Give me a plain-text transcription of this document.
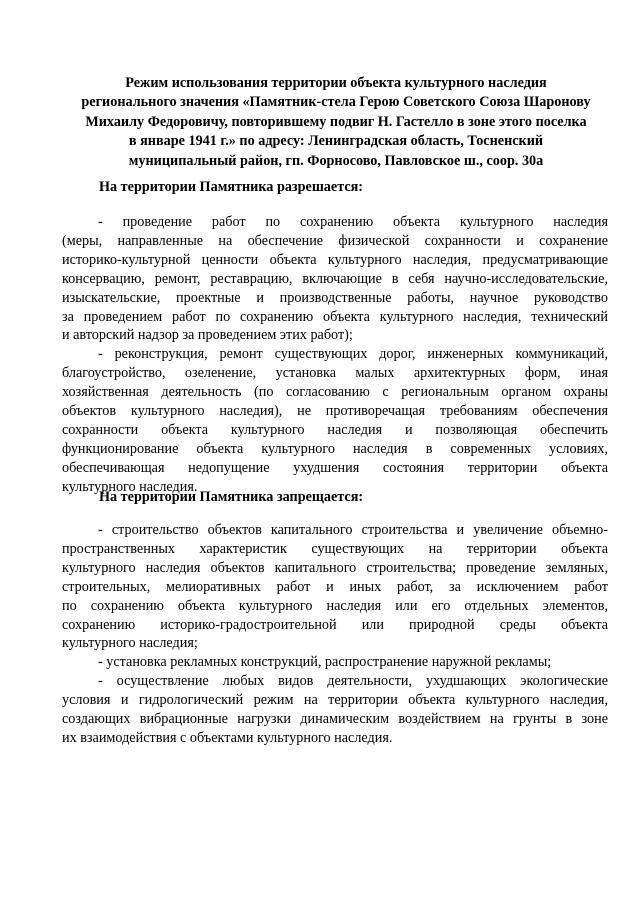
Режим использования территории объекта культурного наследия
регионального значения «Памятник-стела Герою Советского Союза Шаронову
Михаилу Федоровичу, повторившему подвиг Н. Гастелло в зоне этого поселка
в январе 1941 г.» по адресу: Ленинградская область, Тосненский
муниципальный район, гп. Форносово, Павловское ш., соор. 30а
На территории Памятника разрешается:

- проведение работ по сохранению объекта культурного наследия
(меры, направленные на обеспечение физической сохранности и сохранение
историко-культурной ценности объекта культурного наследия, предусматривающие
консервацию, ремонт, реставрацию, включающие в себя научно-исследовательские,
изыскательские, проектные и производственные работы, научное руководство
за проведением работ по сохранению объекта культурного наследия, технический
и авторский надзор за проведением этих работ);

- реконструкция, ремонт существующих дорог, инженерных коммуникаций,
благоустройство, озеленение, установка малых архитектурных форм, иная
хозяйственная деятельность (по согласованию с региональным органом охраны
объектов культурного наследия), не противоречащая требованиям обеспечения
сохранности объекта культурного наследия и позволяющая обеспечить
функционирование объекта культурного наследия в современных условиях,
обеспечивающая недопущение ухудшения состояния территории объекта
культурного наследия.

На территории Памятника запрещается:

- строительство объектов капитального строительства и увеличение объемно-
пространственных характеристик существующих на территории объекта
культурного наследия объектов капитального строительства; проведение земляных,
строительных, мелиоративных работ и иных работ, за исключением работ
по сохранению объекта культурного наследия или его отдельных элементов,
сохранению историко-градостроительной или природной среды объекта
культурного наследия;

- установка рекламных конструкций, распространение наружной рекламы;

- осуществление любых видов деятельности, ухудшающих экологические
условия и гидрологический режим на территории объекта культурного наследия,
создающих вибрационные нагрузки динамическим воздействием на грунты в зоне
их взаимодействия с объектами культурного наследия.
